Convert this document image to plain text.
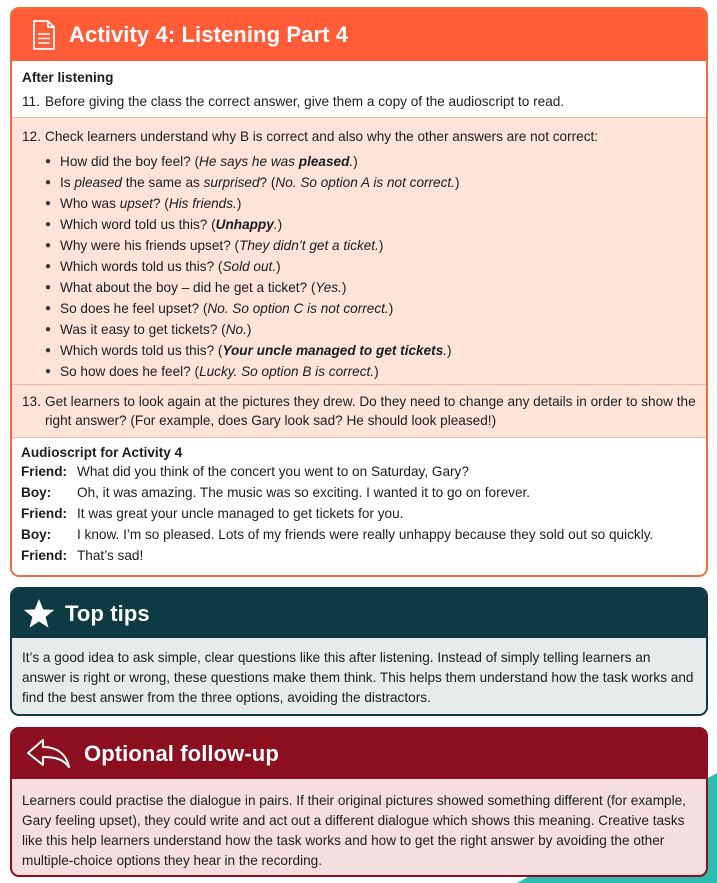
Activity 4: Listening Part 4
After listening
11. Before giving the class the correct answer, give them a copy of the audioscript to read.
12. Check learners understand why B is correct and also why the other answers are not correct:
● How did the boy feel? (He says he was pleased.)
● Is pleased the same as surprised? (No. So option A is not correct.)
● Who was upset? (His friends.)
● Which word told us this? (Unhappy.)
● Why were his friends upset? (They didn’t get a ticket.)
● Which words told us this? (Sold out.)
● What about the boy – did he get a ticket? (Yes.)
● So does he feel upset? (No. So option C is not correct.)
● Was it easy to get tickets? (No.)
● Which words told us this? (Your uncle managed to get tickets.)
● So how does he feel? (Lucky. So option B is correct.)
13. Get learners to look again at the pictures they drew. Do they need to change any details in order to show the right answer? (For example, does Gary look sad? He should look pleased!)
Audioscript for Activity 4
Friend: What did you think of the concert you went to on Saturday, Gary?
Boy:	Oh, it was amazing. The music was so exciting. I wanted it to go on forever.
Friend: It was great your uncle managed to get tickets for you.
Boy:	I know. I’m so pleased. Lots of my friends were really unhappy because they sold out so quickly.
Friend: That’s sad!
Top tips
It’s a good idea to ask simple, clear questions like this after listening. Instead of simply telling learners an answer is right or wrong, these questions make them think. This helps them understand how the task works and find the best answer from the three options, avoiding the distractors.
Optional follow-up
Learners could practise the dialogue in pairs. If their original pictures showed something different (for example, Gary feeling upset), they could write and act out a different dialogue which shows this meaning. Creative tasks like this help learners understand how the task works and how to get the right answer by avoiding the other multiple-choice options they hear in the recording.
